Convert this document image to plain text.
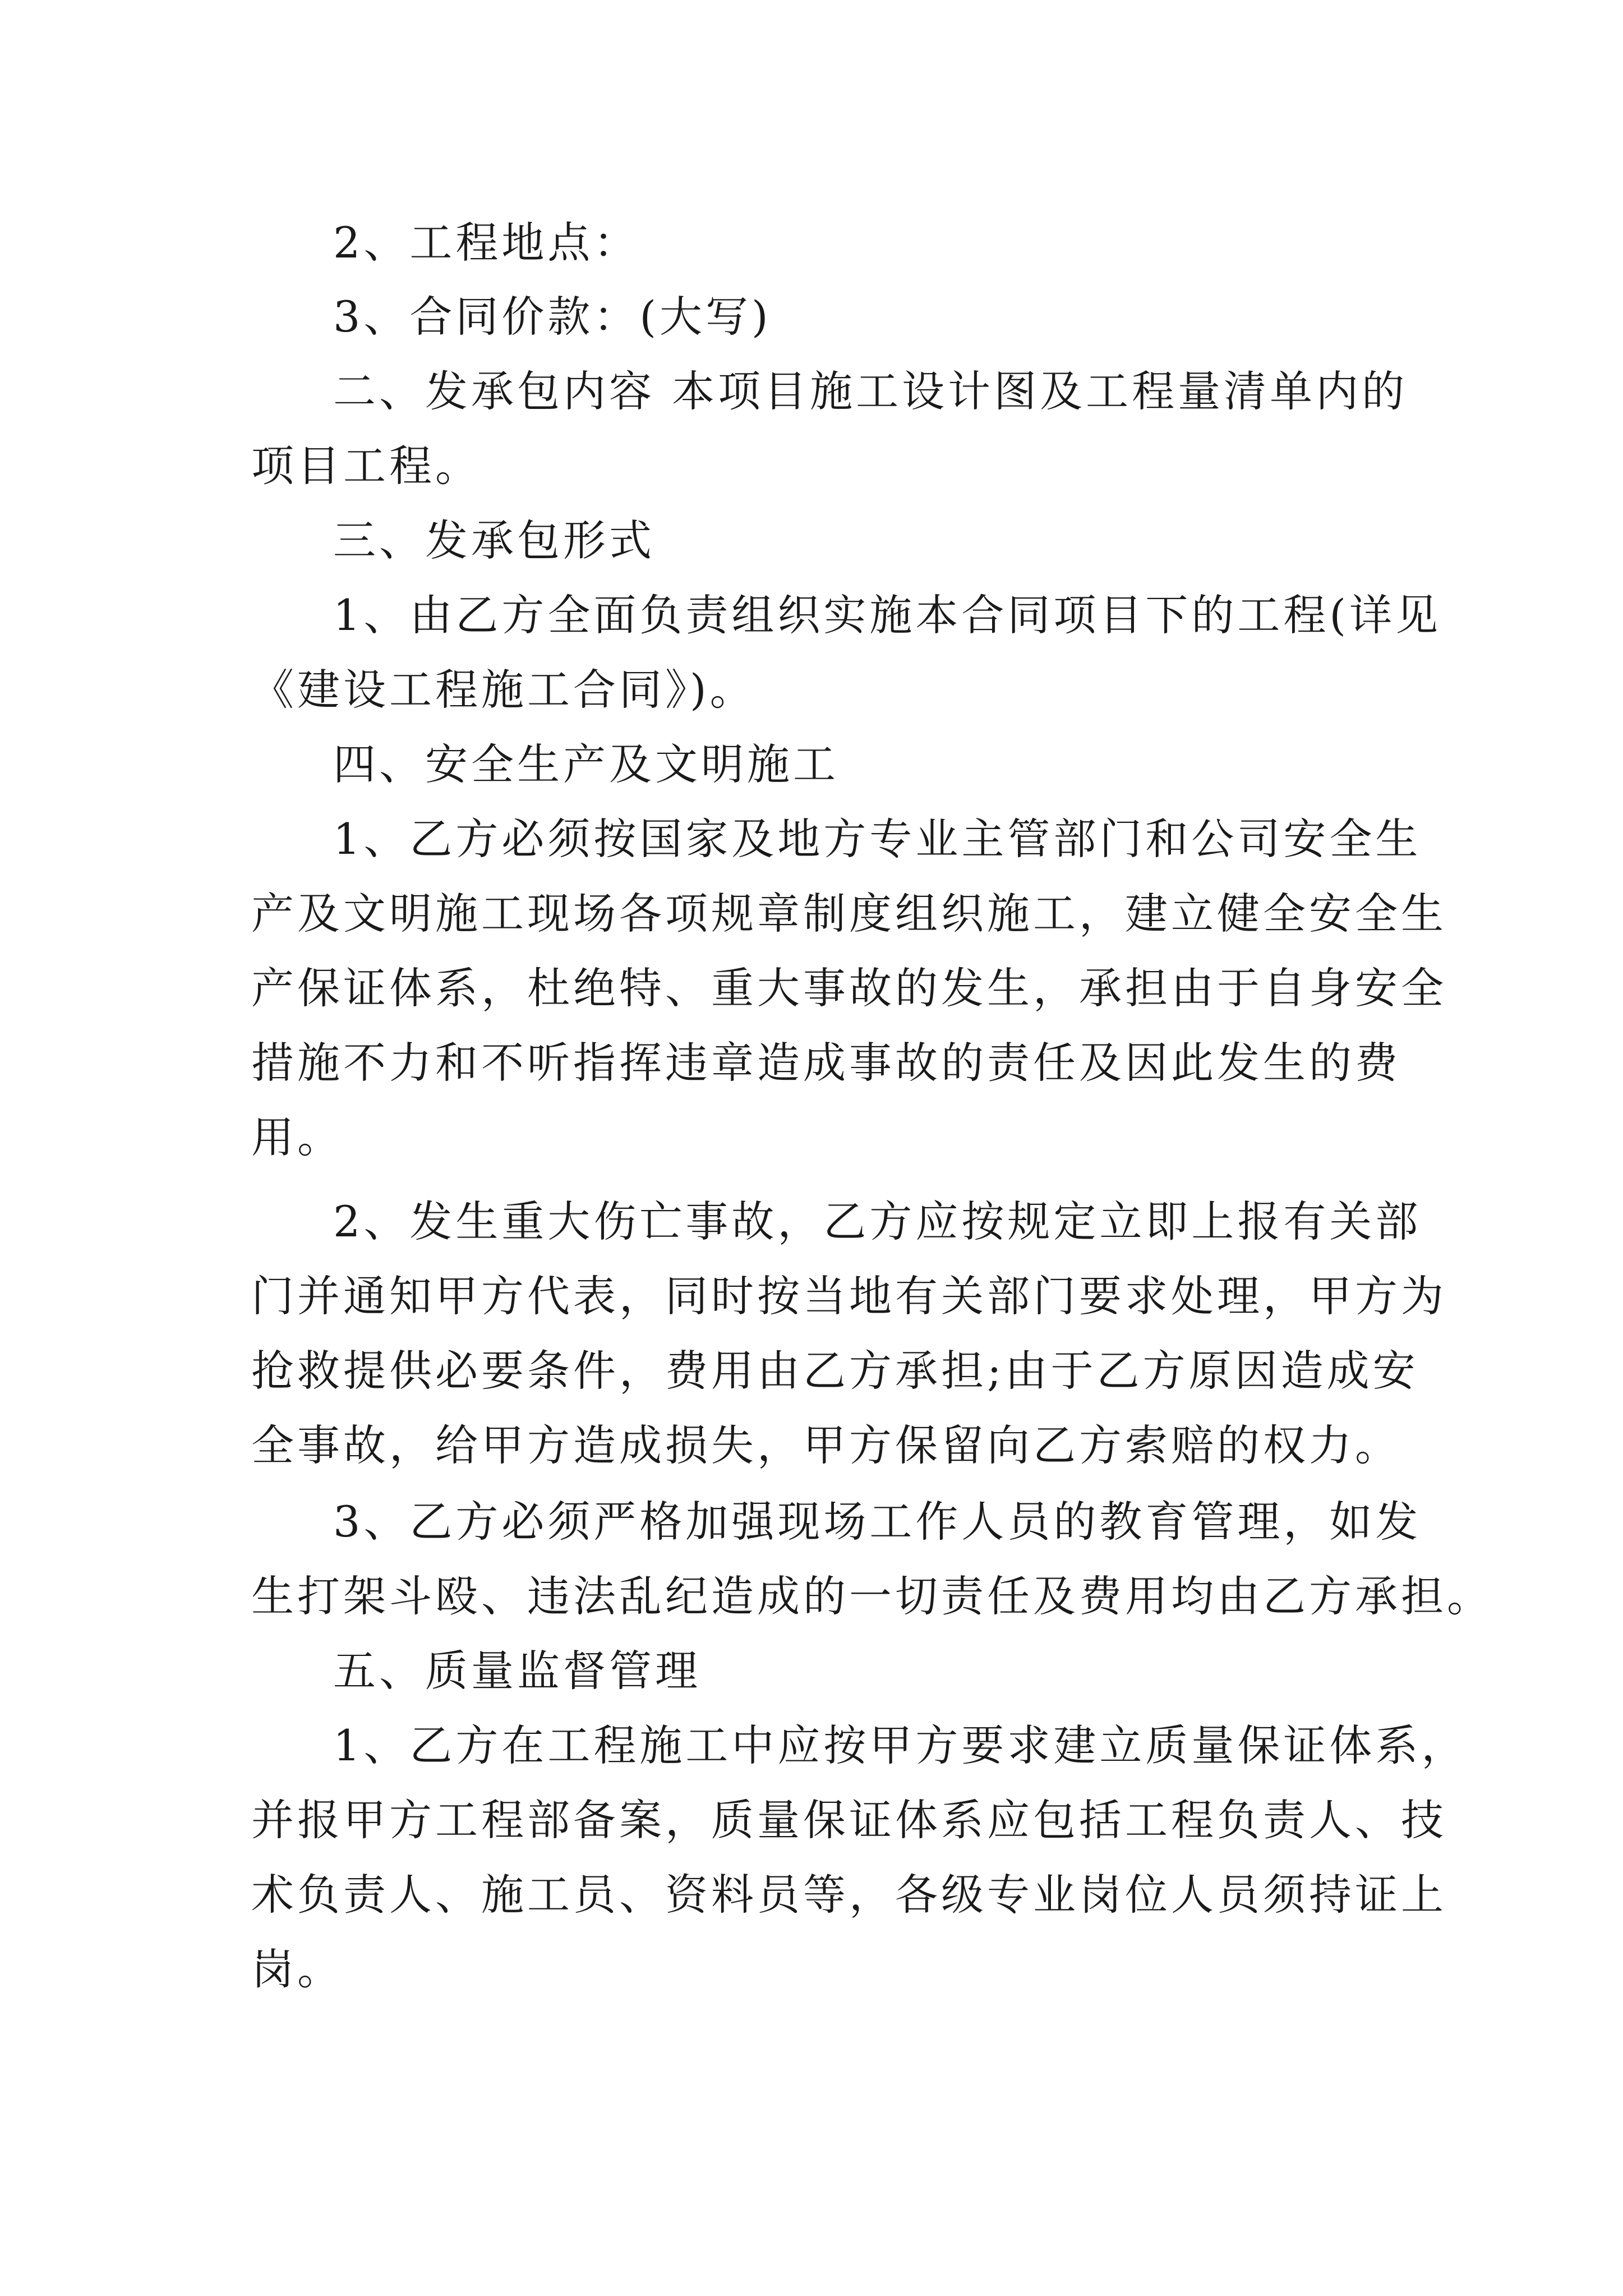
2、工程地点：
3、合同价款：(大写)
二、发承包内容 本项目施工设计图及工程量清单内的
项目工程。
三、发承包形式
1、由乙方全面负责组织实施本合同项目下的工程(详见
《建设工程施工合同》)。
四、安全生产及文明施工
1、乙方必须按国家及地方专业主管部门和公司安全生
产及文明施工现场各项规章制度组织施工，建立健全安全生
产保证体系，杜绝特、重大事故的发生，承担由于自身安全
措施不力和不听指挥违章造成事故的责任及因此发生的费
用。
2、发生重大伤亡事故，乙方应按规定立即上报有关部
门并通知甲方代表，同时按当地有关部门要求处理，甲方为
抢救提供必要条件，费用由乙方承担;由于乙方原因造成安
全事故，给甲方造成损失，甲方保留向乙方索赔的权力。
3、乙方必须严格加强现场工作人员的教育管理，如发
生打架斗殴、违法乱纪造成的一切责任及费用均由乙方承担。
五、质量监督管理
1、乙方在工程施工中应按甲方要求建立质量保证体系，
并报甲方工程部备案，质量保证体系应包括工程负责人、技
术负责人、施工员、资料员等，各级专业岗位人员须持证上
岗。
